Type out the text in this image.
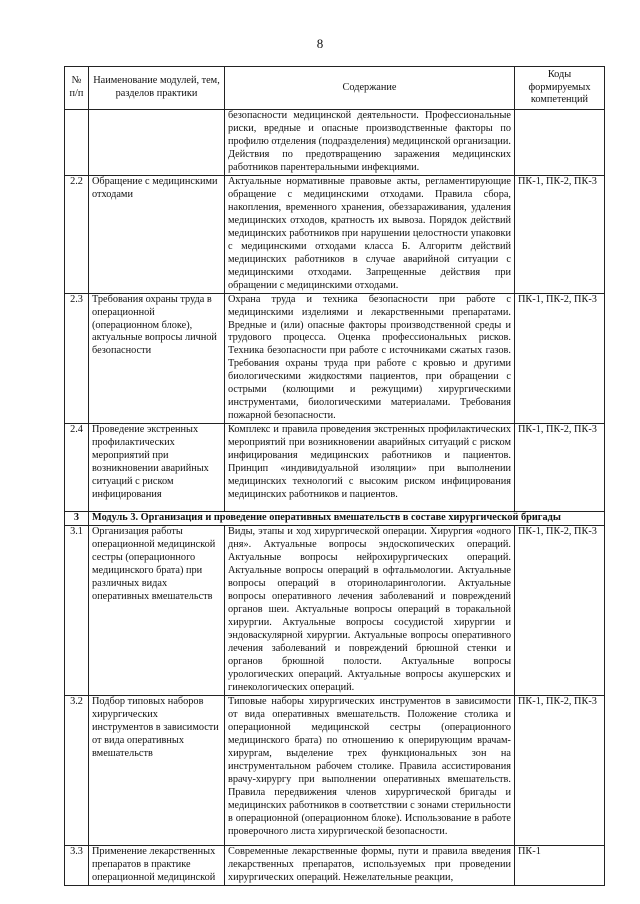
8
№ п/п	Наименование модулей, тем, разделов практики	Содержание	Коды формируемых компетенций
		безопасности медицинской деятельности. Профессиональные риски, вредные и опасные производственные факторы по профилю отделения (подразделения) медицинской организации. Действия по предотвращению заражения медицинских работников парентеральными инфекциями.	
2.2	Обращение с медицинскими отходами	Актуальные нормативные правовые акты, регламентирующие обращение с медицинскими отходами. Правила сбора, накопления, временного хранения, обеззараживания, удаления медицинских отходов, кратность их вывоза. Порядок действий медицинских работников при нарушении целостности упаковки с медицинскими отходами класса Б. Алгоритм действий медицинских работников в случае аварийной ситуации с медицинскими отходами. Запрещенные действия при обращении с медицинскими отходами.	ПК-1, ПК-2, ПК-3
2.3	Требования охраны труда в операционной (операционном блоке), актуальные вопросы личной безопасности	Охрана труда и техника безопасности при работе с медицинскими изделиями и лекарственными препаратами. Вредные и (или) опасные факторы производственной среды и трудового процесса. Оценка профессиональных рисков. Техника безопасности при работе с источниками сжатых газов. Требования охраны труда при работе с кровью и другими биологическими жидкостями пациентов, при обращении с острыми (колющими и режущими) хирургическими инструментами, биологическими материалами. Требования пожарной безопасности.	ПК-1, ПК-2, ПК-3
2.4	Проведение экстренных профилактических мероприятий при возникновении аварийных ситуаций с риском инфицирования	Комплекс и правила проведения экстренных профилактических мероприятий при возникновении аварийных ситуаций с риском инфицирования медицинских работников и пациентов. Принцип «индивидуальной изоляции» при выполнении медицинских технологий с высоким риском инфицирования медицинских работников и пациентов.	ПК-1, ПК-2, ПК-3
3	Модуль 3. Организация и проведение оперативных вмешательств в составе хирургической бригады		
3.1	Организация работы операционной медицинской сестры (операционного медицинского брата) при различных видах оперативных вмешательств	Виды, этапы и ход хирургической операции. Хирургия «одного дня». Актуальные вопросы эндоскопических операций. Актуальные вопросы нейрохирургических операций. Актуальные вопросы операций в офтальмологии. Актуальные вопросы операций в оториноларингологии. Актуальные вопросы оперативного лечения заболеваний и повреждений органов шеи. Актуальные вопросы операций в торакальной хирургии. Актуальные вопросы сосудистой хирургии и эндоваскулярной хирургии. Актуальные вопросы оперативного лечения заболеваний и повреждений брюшной стенки и органов брюшной полости. Актуальные вопросы урологических операций. Актуальные вопросы акушерских и гинекологических операций.	ПК-1, ПК-2, ПК-3
3.2	Подбор типовых наборов хирургических инструментов в зависимости от вида оперативных вмешательств	Типовые наборы хирургических инструментов в зависимости от вида оперативных вмешательств. Положение столика и операционной медицинской сестры (операционного медицинского брата) по отношению к оперирующим врачам-хирургам, выделение трех функциональных зон на инструментальном рабочем столике. Правила ассистирования врачу-хирургу при выполнении оперативных вмешательств. Правила передвижения членов хирургической бригады и медицинских работников в соответствии с зонами стерильности в операционной (операционном блоке). Использование в работе проверочного листа хирургической безопасности.	ПК-1, ПК-2, ПК-3
3.3	Применение лекарственных препаратов в практике операционной медицинской	Современные лекарственные формы, пути и правила введения лекарственных препаратов, используемых при проведении хирургических операций. Нежелательные реакции,	ПК-1
